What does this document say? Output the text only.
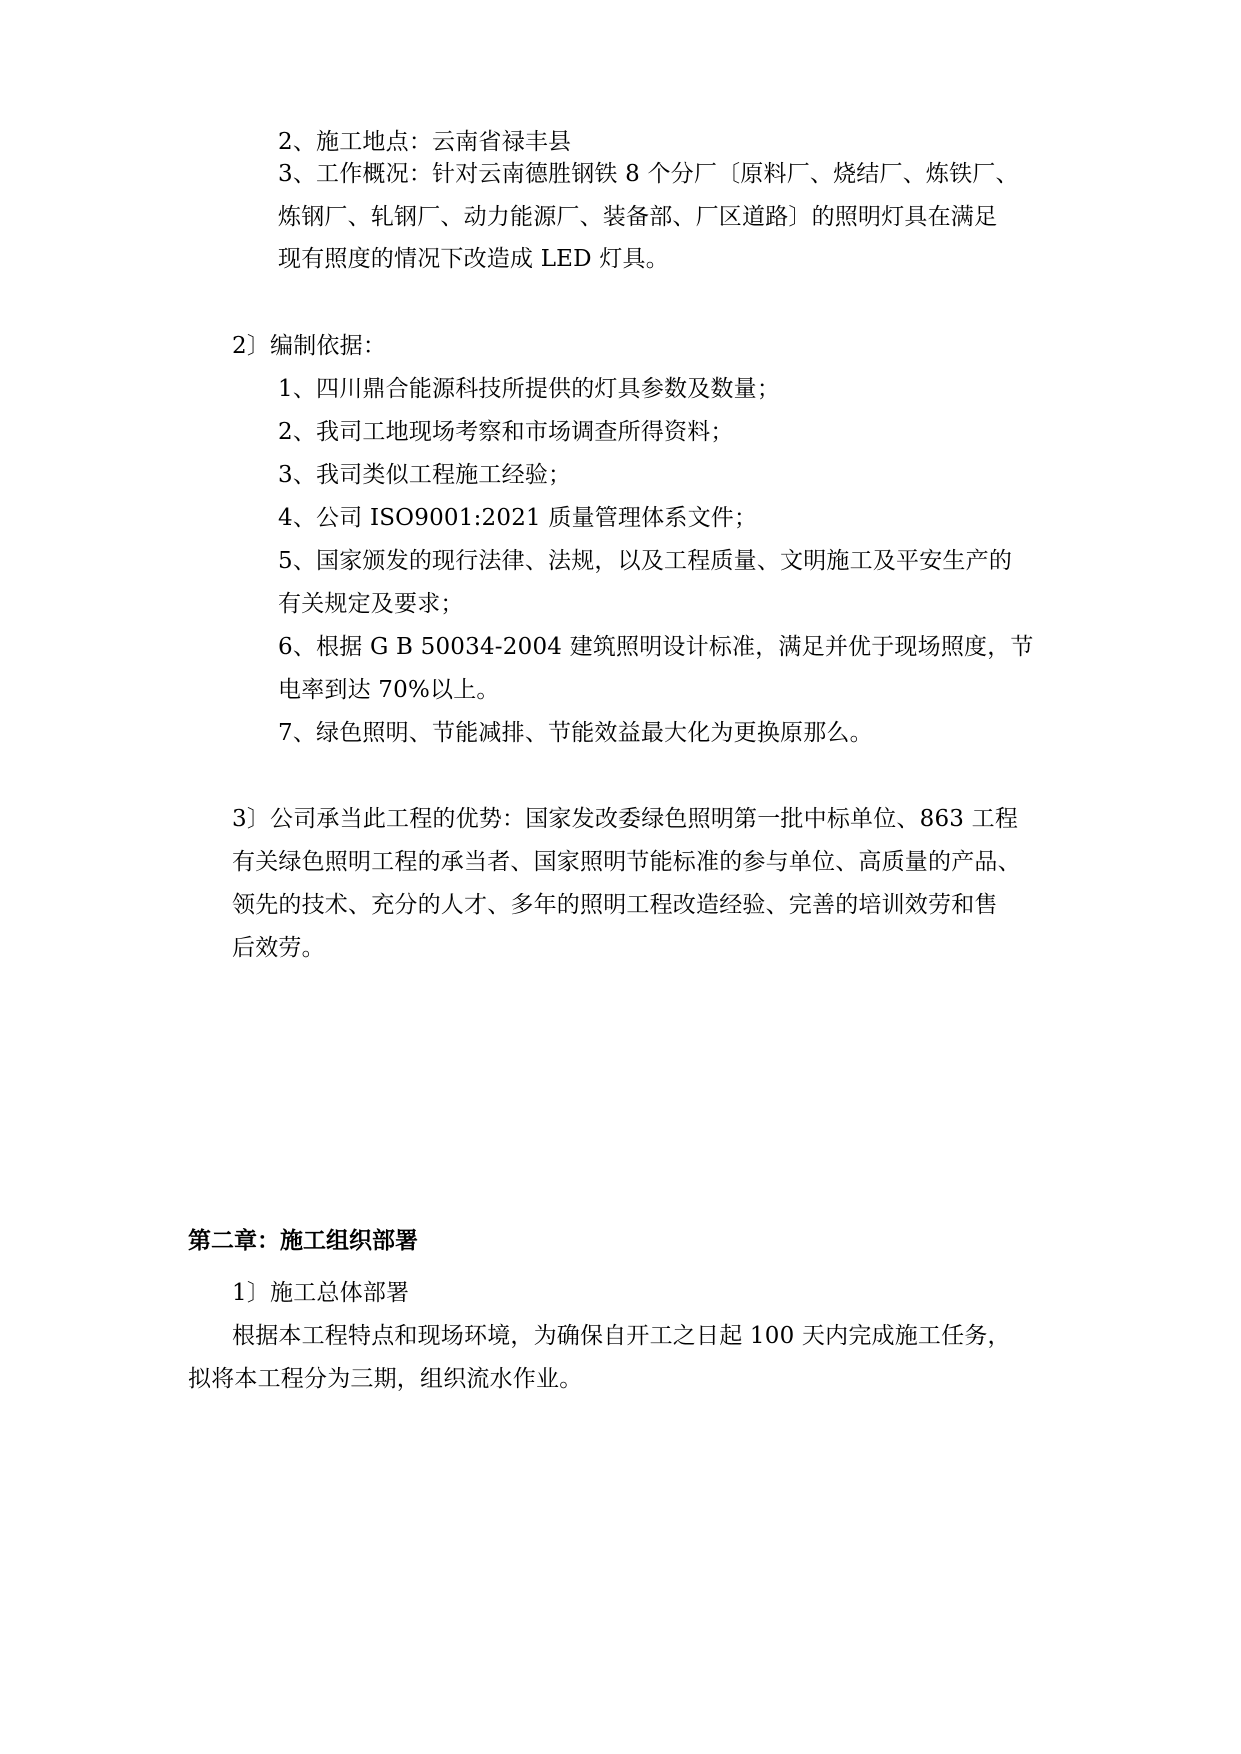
2、施工地点：云南省禄丰县
3、工作概况：针对云南德胜钢铁 8 个分厂〔原料厂、烧结厂、炼铁厂、
炼钢厂、轧钢厂、动力能源厂、装备部、厂区道路〕的照明灯具在满足
现有照度的情况下改造成 LED 灯具。
2〕编制依据：
1、四川鼎合能源科技所提供的灯具参数及数量；
2、我司工地现场考察和市场调查所得资料；
3、我司类似工程施工经验；
4、公司 ISO9001:2021 质量管理体系文件；
5、国家颁发的现行法律、法规，以及工程质量、文明施工及平安生产的
有关规定及要求；
6、根据 G B 50034-2004 建筑照明设计标准，满足并优于现场照度，节
电率到达 70%以上。
7、绿色照明、节能减排、节能效益最大化为更换原那么。
3〕公司承当此工程的优势：国家发改委绿色照明第一批中标单位、863 工程
有关绿色照明工程的承当者、国家照明节能标准的参与单位、高质量的产品、
领先的技术、充分的人才、多年的照明工程改造经验、完善的培训效劳和售
后效劳。
第二章：施工组织部署
1〕施工总体部署
根据本工程特点和现场环境，为确保自开工之日起 100 天内完成施工任务，
拟将本工程分为三期，组织流水作业。
